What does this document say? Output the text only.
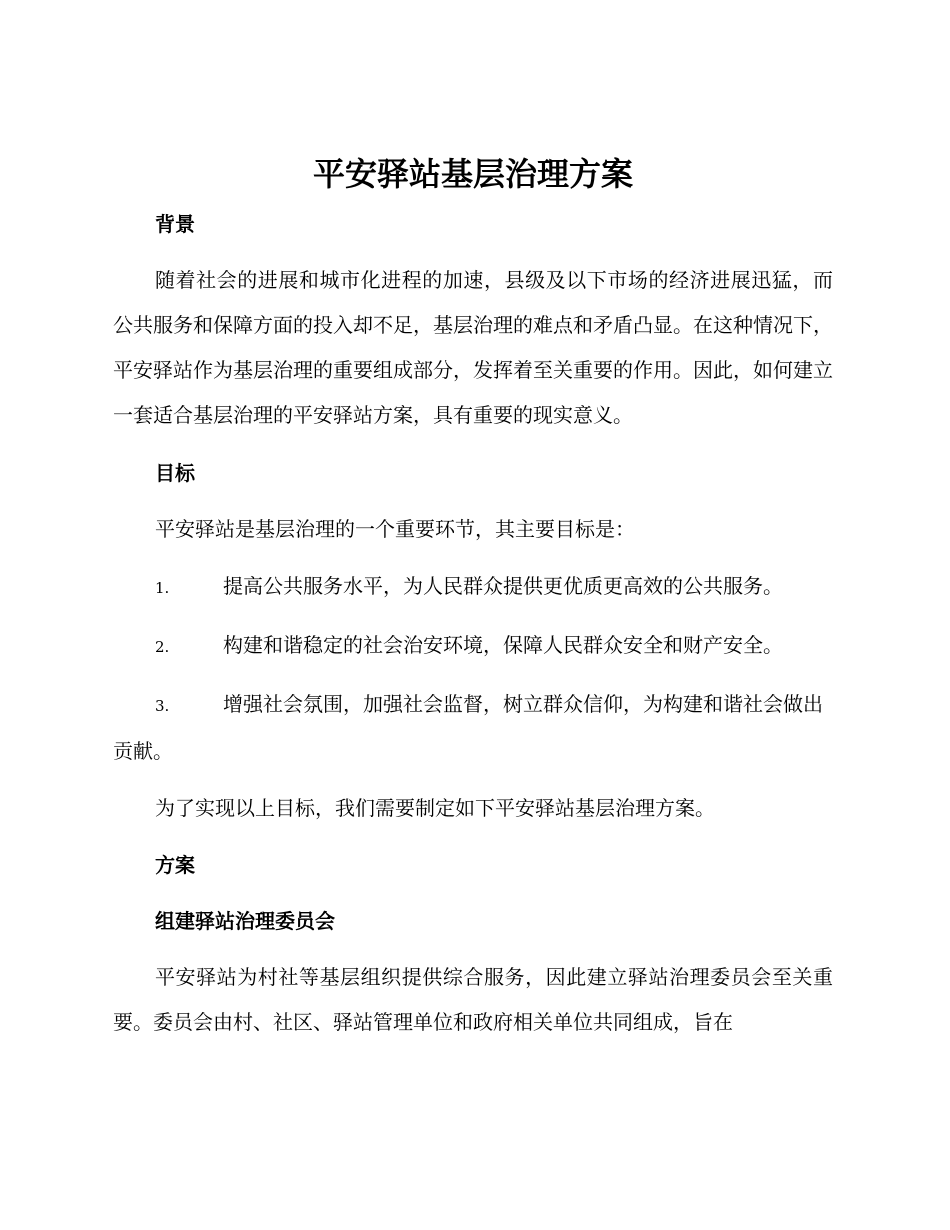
平安驿站基层治理方案

背景

随着社会的进展和城市化进程的加速，县级及以下市场的经济进展迅猛，而公共服务和保障方面的投入却不足，基层治理的难点和矛盾凸显。在这种情况下，平安驿站作为基层治理的重要组成部分，发挥着至关重要的作用。因此，如何建立一套适合基层治理的平安驿站方案，具有重要的现实意义。

目标

平安驿站是基层治理的一个重要环节，其主要目标是：

1.	提高公共服务水平，为人民群众提供更优质更高效的公共服务。

2.	构建和谐稳定的社会治安环境，保障人民群众安全和财产安全。

3.	增强社会氛围，加强社会监督，树立群众信仰，为构建和谐社会做出贡献。

为了实现以上目标，我们需要制定如下平安驿站基层治理方案。

方案

组建驿站治理委员会

平安驿站为村社等基层组织提供综合服务，因此建立驿站治理委员会至关重要。委员会由村、社区、驿站管理单位和政府相关单位共同组成，旨在
